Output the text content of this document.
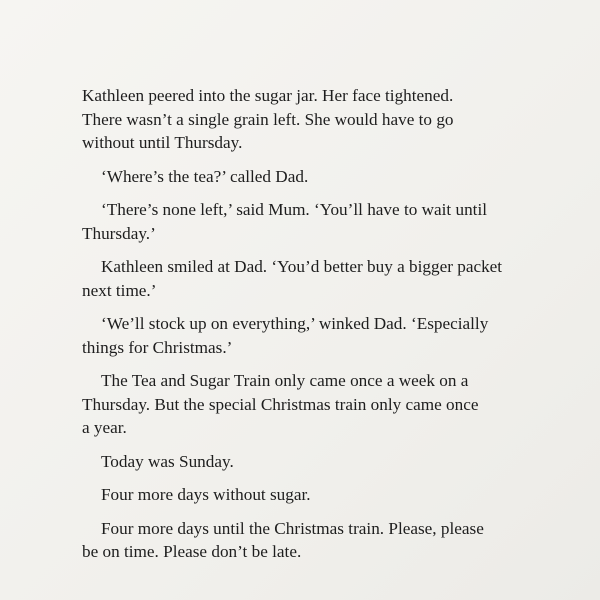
Kathleen peered into the sugar jar. Her face tightened.
There wasn’t a single grain left. She would have to go
without until Thursday.

‘Where’s the tea?’ called Dad.

‘There’s none left,’ said Mum. ‘You’ll have to wait until
Thursday.’

Kathleen smiled at Dad. ‘You’d better buy a bigger packet
next time.’

‘We’ll stock up on everything,’ winked Dad. ‘Especially
things for Christmas.’

The Tea and Sugar Train only came once a week on a
Thursday. But the special Christmas train only came once
a year.

Today was Sunday.

Four more days without sugar.

Four more days until the Christmas train. Please, please
be on time. Please don’t be late.
